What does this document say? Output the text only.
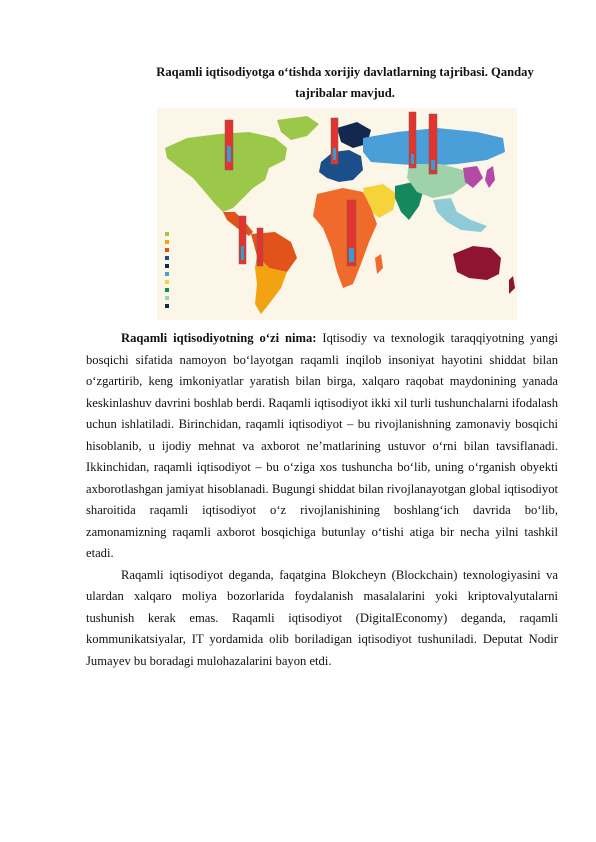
Raqamli iqtisodiyotga o‘tishda xorijiy davlatlarning tajribasi. Qanday
tajribalar mavjud.

Raqamli iqtisodiyotning o‘zi nima: Iqtisodiy va texnologik taraqqiyotning yangi bosqichi sifatida namoyon bo‘layotgan raqamli inqilob insoniyat hayotini shiddat bilan o‘zgartirib, keng imkoniyatlar yaratish bilan birga, xalqaro raqobat maydonining yanada keskinlashuv davrini boshlab berdi. Raqamli iqtisodiyot ikki xil turli tushunchalarni ifodalash uchun ishlatiladi. Birinchidan, raqamli iqtisodiyot – bu rivojlanishning zamonaviy bosqichi hisoblanib, u ijodiy mehnat va axborot ne’matlarining ustuvor o‘rni bilan tavsiflanadi. Ikkinchidan, raqamli iqtisodiyot – bu o‘ziga xos tushuncha bo‘lib, uning o‘rganish obyekti axborotlashgan jamiyat hisoblanadi. Bugungi shiddat bilan rivojlanayotgan global iqtisodiyot sharoitida raqamli iqtisodiyot o‘z rivojlanishining boshlang‘ich davrida bo‘lib, zamonamizning raqamli axborot bosqichiga butunlay o‘tishi atiga bir necha yilni tashkil etadi.

Raqamli iqtisodiyot deganda, faqatgina Blokcheyn (Blockchain) texnologiyasini va ulardan xalqaro moliya bozorlarida foydalanish masalalarini yoki kriptovalyutalarni tushunish kerak emas. Raqamli iqtisodiyot (DigitalEconomy) deganda, raqamli kommunikatsiyalar, IT yordamida olib boriladigan iqtisodiyot tushuniladi. Deputat Nodir Jumayev bu boradagi mulohazalarini bayon etdi.
